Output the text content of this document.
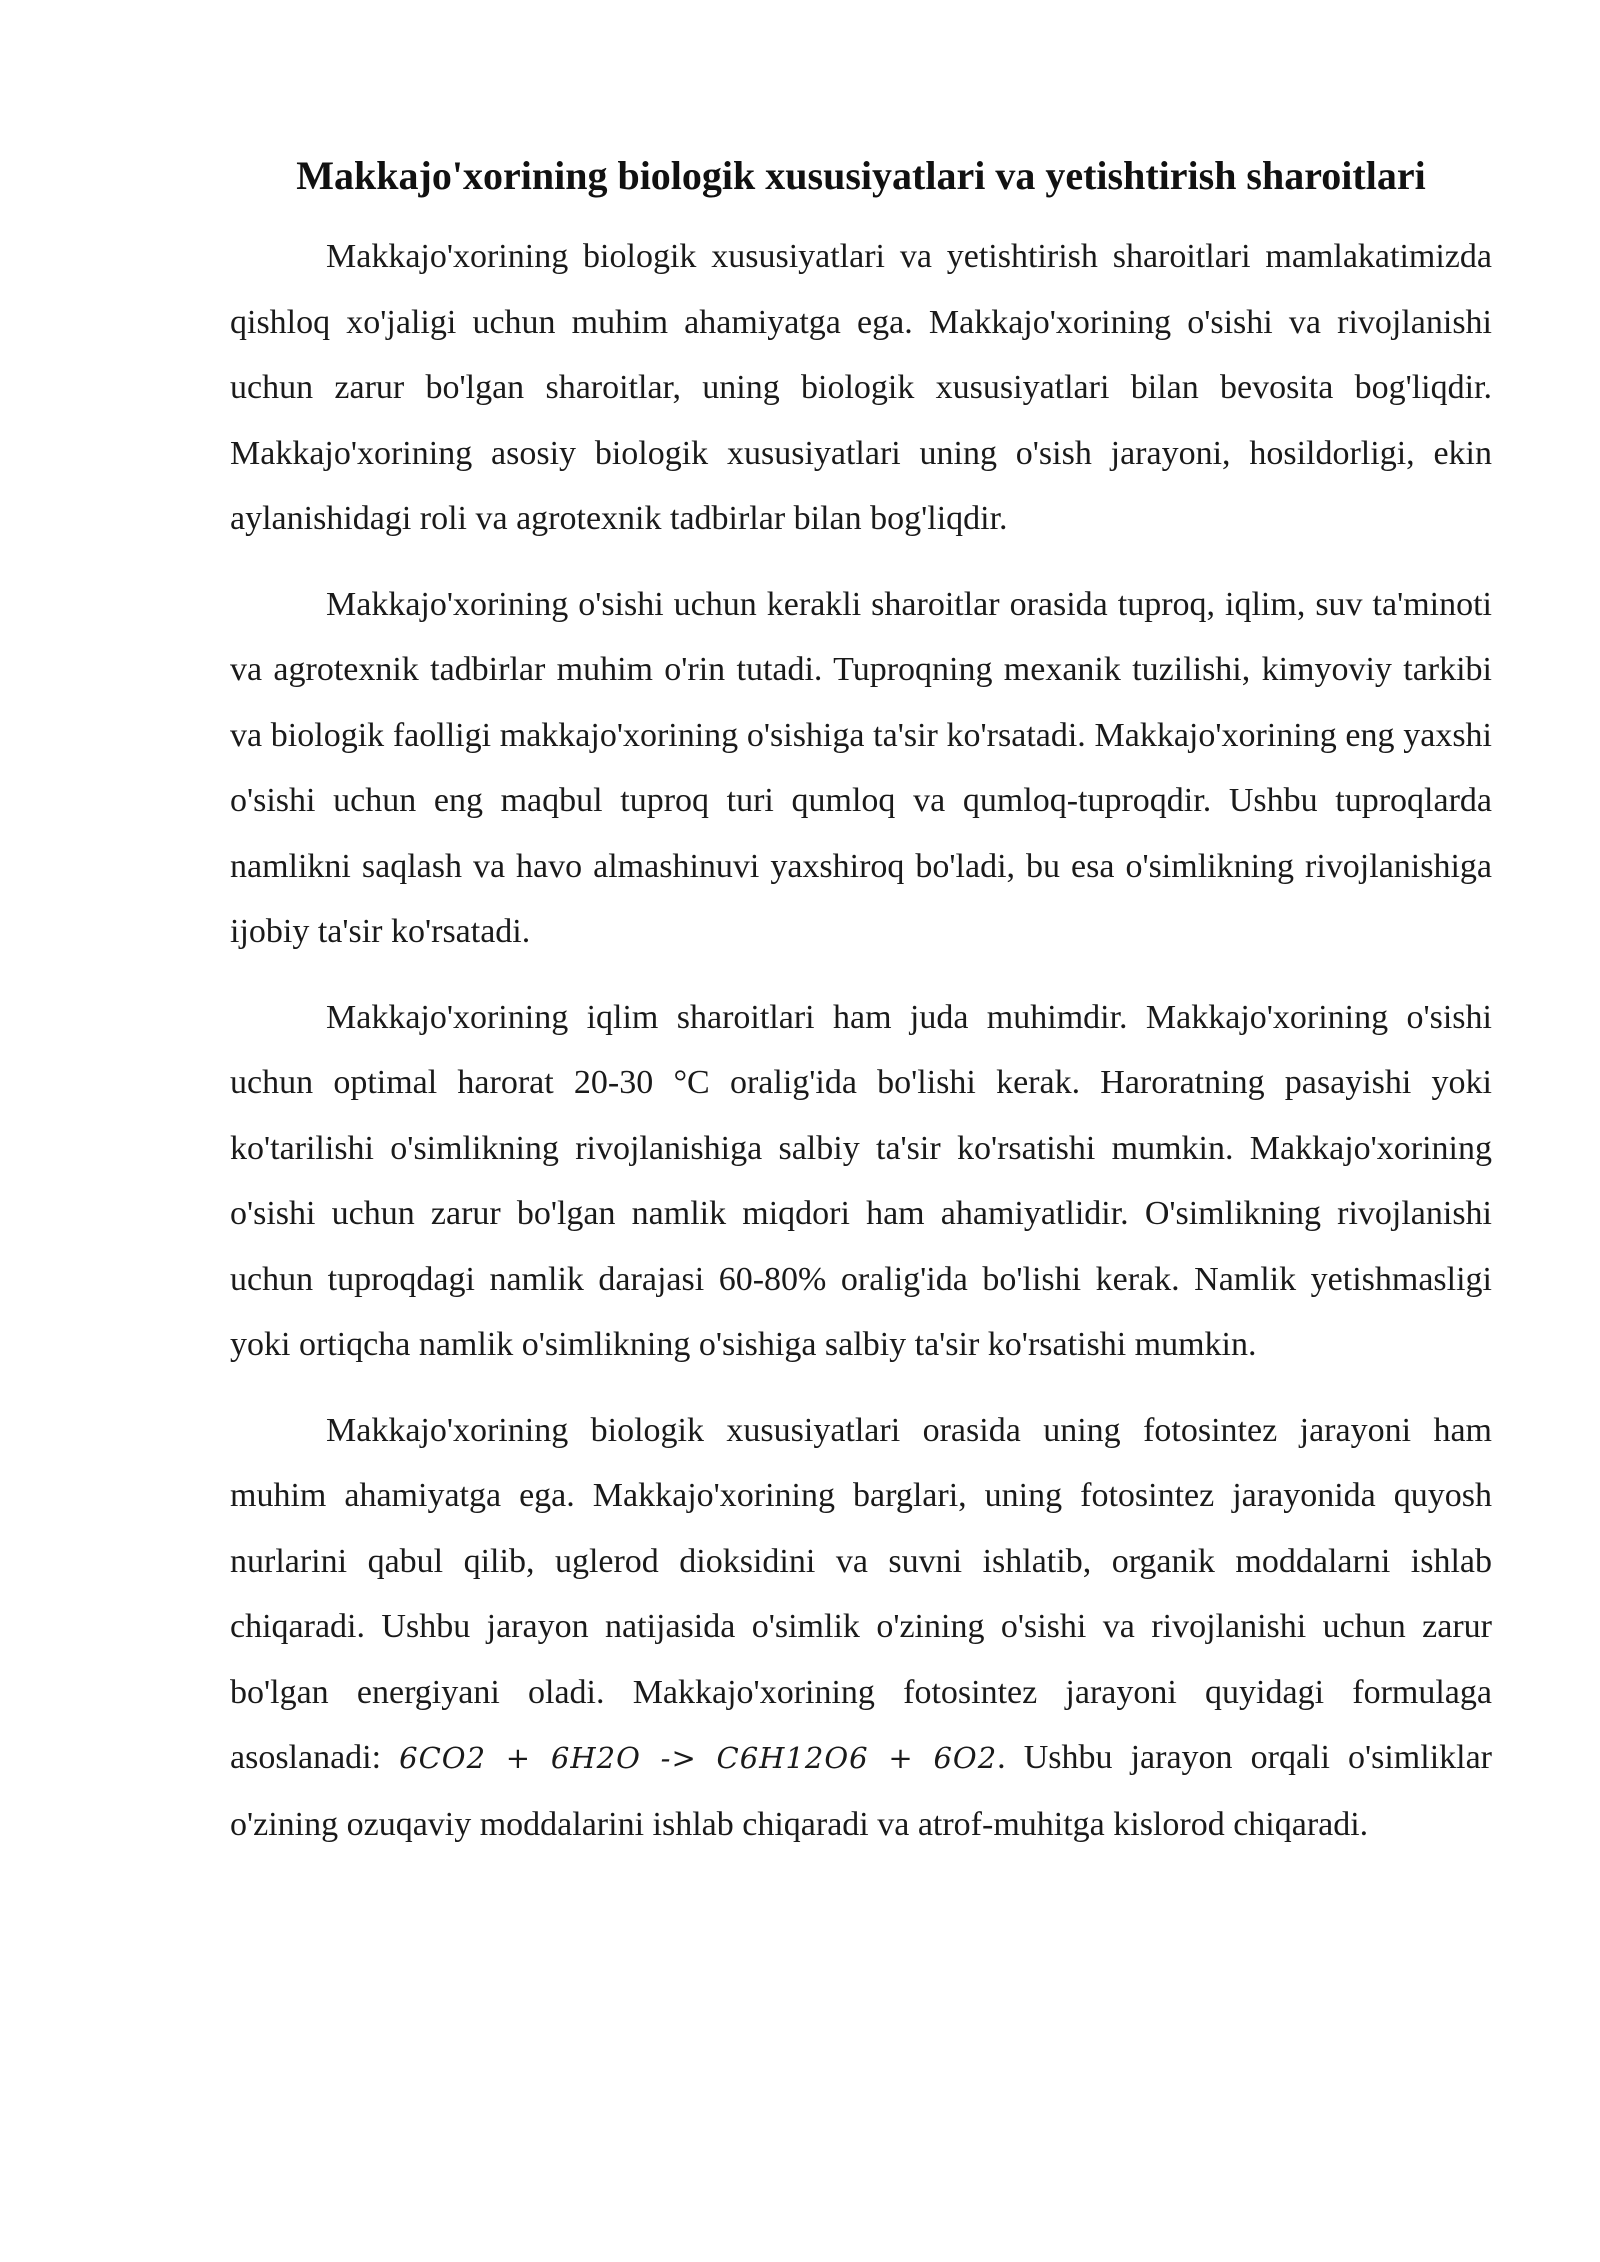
Makkajo'xorining biologik xususiyatlari va yetishtirish sharoitlari

Makkajo'xorining biologik xususiyatlari va yetishtirish sharoitlari mamlakatimizda qishloq xo'jaligi uchun muhim ahamiyatga ega. Makkajo'xorining o'sishi va rivojlanishi uchun zarur bo'lgan sharoitlar, uning biologik xususiyatlari bilan bevosita bog'liqdir. Makkajo'xorining asosiy biologik xususiyatlari uning o'sish jarayoni, hosildorligi, ekin aylanishidagi roli va agrotexnik tadbirlar bilan bog'liqdir.

Makkajo'xorining o'sishi uchun kerakli sharoitlar orasida tuproq, iqlim, suv ta'minoti va agrotexnik tadbirlar muhim o'rin tutadi. Tuproqning mexanik tuzilishi, kimyoviy tarkibi va biologik faolligi makkajo'xorining o'sishiga ta'sir ko'rsatadi. Makkajo'xorining eng yaxshi o'sishi uchun eng maqbul tuproq turi qumloq va qumloq-tuproqdir. Ushbu tuproqlarda namlikni saqlash va havo almashinuvi yaxshiroq bo'ladi, bu esa o'simlikning rivojlanishiga ijobiy ta'sir ko'rsatadi.

Makkajo'xorining iqlim sharoitlari ham juda muhimdir. Makkajo'xorining o'sishi uchun optimal harorat 20-30 °C oralig'ida bo'lishi kerak. Haroratning pasayishi yoki ko'tarilishi o'simlikning rivojlanishiga salbiy ta'sir ko'rsatishi mumkin. Makkajo'xorining o'sishi uchun zarur bo'lgan namlik miqdori ham ahamiyatlidir. O'simlikning rivojlanishi uchun tuproqdagi namlik darajasi 60-80% oralig'ida bo'lishi kerak. Namlik yetishmasligi yoki ortiqcha namlik o'simlikning o'sishiga salbiy ta'sir ko'rsatishi mumkin.

Makkajo'xorining biologik xususiyatlari orasida uning fotosintez jarayoni ham muhim ahamiyatga ega. Makkajo'xorining barglari, uning fotosintez jarayonida quyosh nurlarini qabul qilib, uglerod dioksidini va suvni ishlatib, organik moddalarni ishlab chiqaradi. Ushbu jarayon natijasida o'simlik o'zining o'sishi va rivojlanishi uchun zarur bo'lgan energiyani oladi. Makkajo'xorining fotosintez jarayoni quyidagi formulaga asoslanadi: 6CO2 + 6H2O -> C6H12O6 + 6O2. Ushbu jarayon orqali o'simliklar o'zining ozuqaviy moddalarini ishlab chiqaradi va atrof-muhitga kislorod chiqaradi.
